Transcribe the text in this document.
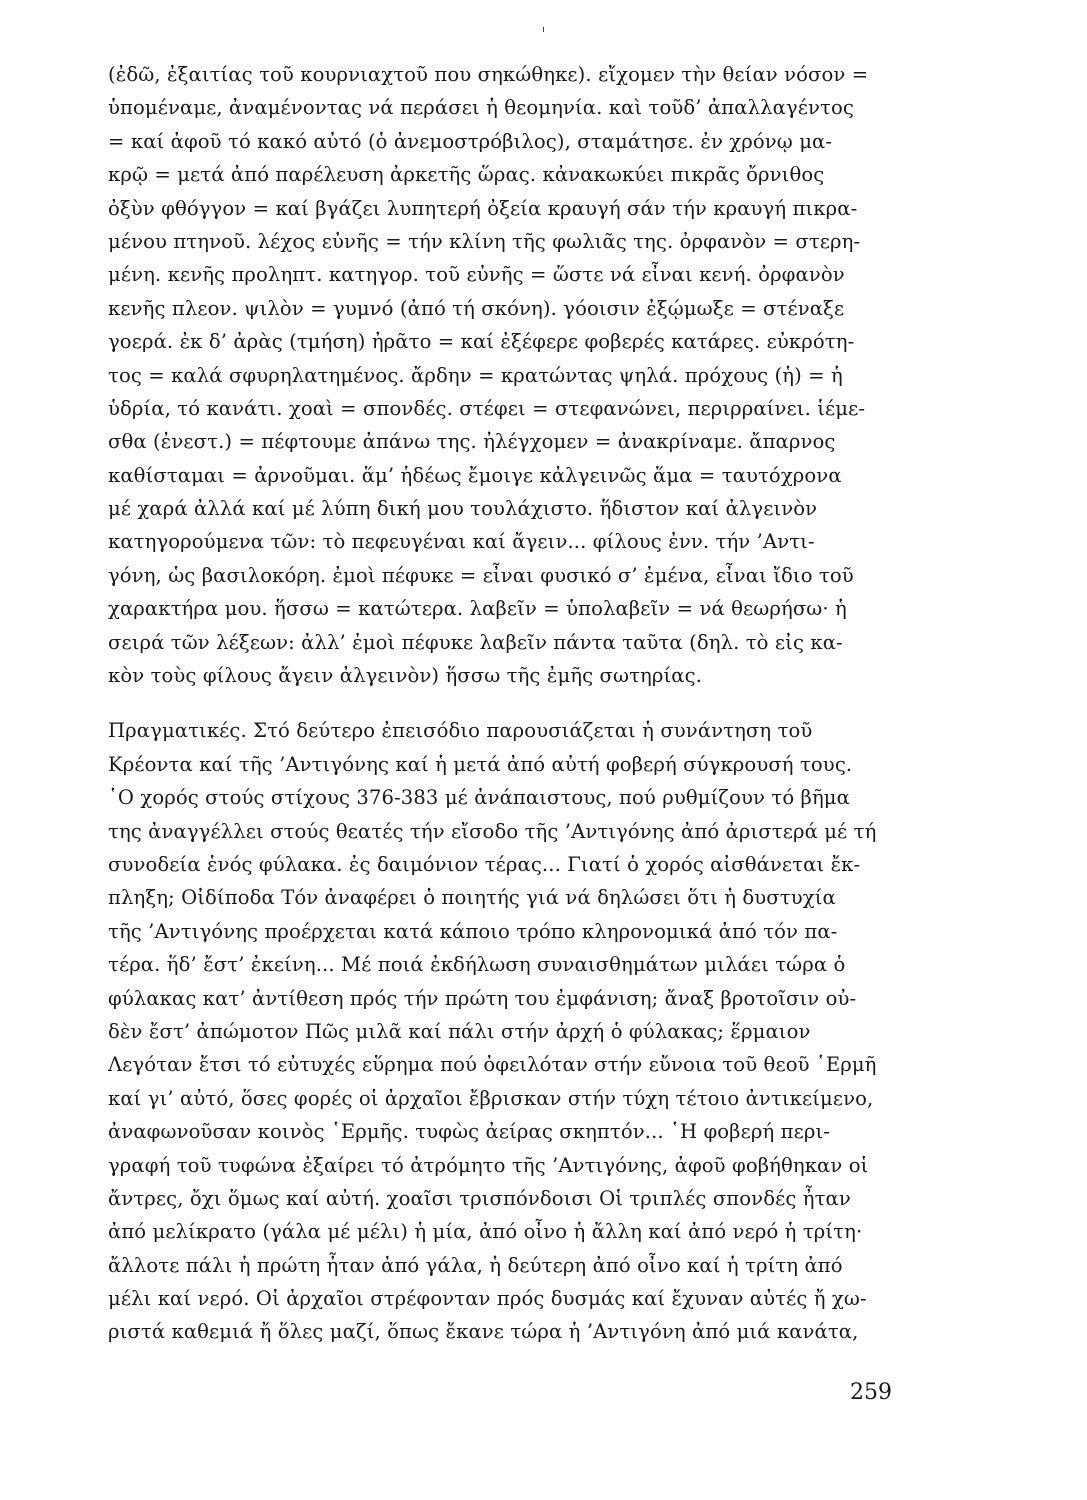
(ἐδῶ, ἐξαιτίας τοῦ κουρνιαχτοῦ που σηκώθηκε). εἴχομεν τὴν θείαν νόσον =
ὑπομέναμε, ἀναμένοντας νά περάσει ἡ θεομηνία. καὶ τοῦδ’ ἀπαλλαγέντος
= καί ἀφοῦ τό κακό αὐτό (ὁ ἀνεμοστρόβιλος), σταμάτησε. ἐν χρόνῳ μα-
κρῷ = μετά ἀπό παρέλευση ἀρκετῆς ὥρας. κἀνακωκύει πικρᾶς ὄρνιθος
ὀξὺν φθόγγον = καί βγάζει λυπητερή ὀξεία κραυγή σάν τήν κραυγή πικρα-
μένου πτηνοῦ. λέχος εὐνῆς = τήν κλίνη τῆς φωλιᾶς της. ὀρφανὸν = στερη-
μένη. κενῆς προληπτ. κατηγορ. τοῦ εὐνῆς = ὥστε νά εἶναι κενή. ὀρφανὸν
κενῆς πλεον. ψιλὸν = γυμνό (ἀπό τή σκόνη). γόοισιν ἐξῴμωξε = στέναξε
γοερά. ἐκ δ’ ἀρὰς (τμήση) ἠρᾶτο = καί ἐξέφερε φοβερές κατάρες. εὐκρότη-
τος = καλά σφυρηλατημένος. ἄρδην = κρατώντας ψηλά. πρόχους (ἡ) = ἡ
ὑδρία, τό κανάτι. χοαὶ = σπονδές. στέφει = στεφανώνει, περιρραίνει. ἱέμε-
σθα (ἐνεστ.) = πέφτουμε ἀπάνω της. ἠλέγχομεν = ἀνακρίναμε. ἄπαρνος
καθίσταμαι = ἀρνοῦμαι. ἅμ’ ἡδέως ἔμοιγε κἀλγεινῶς ἅμα = ταυτόχρονα
μέ χαρά ἀλλά καί μέ λύπη δική μου τουλάχιστο. ἥδιστον καί ἀλγεινὸν
κατηγορούμενα τῶν: τὸ πεφευγέναι καί ἄγειν... φίλους ἐνν. τήν ’Αντι-
γόνη, ὡς βασιλοκόρη. ἐμοὶ πέφυκε = εἶναι φυσικό σ’ ἐμένα, εἶναι ἴδιο τοῦ
χαρακτήρα μου. ἥσσω = κατώτερα. λαβεῖν = ὑπολαβεῖν = νά θεωρήσω· ἡ
σειρά τῶν λέξεων: ἀλλ’ ἐμοὶ πέφυκε λαβεῖν πάντα ταῦτα (δηλ. τὸ εἰς κα-
κὸν τοὺς φίλους ἄγειν ἀλγεινὸν) ἥσσω τῆς ἐμῆς σωτηρίας.
Πραγματικές. Στό δεύτερο ἐπεισόδιο παρουσιάζεται ἡ συνάντηση τοῦ
Κρέοντα καί τῆς ’Αντιγόνης καί ἡ μετά ἀπό αὐτή φοβερή σύγκρουσή τους.
῾Ο χορός στούς στίχους 376-383 μέ ἀνάπαιστους, πού ρυθμίζουν τό βῆμα
της ἀναγγέλλει στούς θεατές τήν εἴσοδο τῆς ’Αντιγόνης ἀπό ἀριστερά μέ τή
συνοδεία ἑνός φύλακα. ἐς δαιμόνιον τέρας... Γιατί ὁ χορός αἰσθάνεται ἔκ-
πληξη; Οἰδίποδα Τόν ἀναφέρει ὁ ποιητής γιά νά δηλώσει ὅτι ἡ δυστυχία
τῆς ’Αντιγόνης προέρχεται κατά κάποιο τρόπο κληρονομικά ἀπό τόν πα-
τέρα. ἥδ’ ἔστ’ ἐκείνη... Μέ ποιά ἐκδήλωση συναισθημάτων μιλάει τώρα ὁ
φύλακας κατ’ ἀντίθεση πρός τήν πρώτη του ἐμφάνιση; ἄναξ βροτοῖσιν οὐ-
δὲν ἔστ’ ἀπώμοτον Πῶς μιλᾶ καί πάλι στήν ἀρχή ὁ φύλακας; ἕρμαιον
Λεγόταν ἔτσι τό εὐτυχές εὕρημα πού ὀφειλόταν στήν εὔνοια τοῦ θεοῦ ῾Ερμῆ
καί γι’ αὐτό, ὅσες φορές οἱ ἀρχαῖοι ἔβρισκαν στήν τύχη τέτοιο ἀντικείμενο,
ἀναφωνοῦσαν κοινὸς ῾Ερμῆς. τυφὼς ἀείρας σκηπτόν... ῾Η φοβερή περι-
γραφή τοῦ τυφώνα ἐξαίρει τό ἀτρόμητο τῆς ’Αντιγόνης, ἀφοῦ φοβήθηκαν οἱ
ἄντρες, ὄχι ὅμως καί αὐτή. χοαῖσι τρισπόνδοισι Οἱ τριπλές σπονδές ἦταν
ἀπό μελίκρατο (γάλα μέ μέλι) ἡ μία, ἀπό οἶνο ἡ ἄλλη καί ἀπό νερό ἡ τρίτη·
ἄλλοτε πάλι ἡ πρώτη ἦταν ἀπό γάλα, ἡ δεύτερη ἀπό οἶνο καί ἡ τρίτη ἀπό
μέλι καί νερό. Οἱ ἀρχαῖοι στρέφονταν πρός δυσμάς καί ἔχυναν αὐτές ἤ χω-
ριστά καθεμιά ἤ ὅλες μαζί, ὅπως ἔκανε τώρα ἡ ’Αντιγόνη ἀπό μιά κανάτα,
259
